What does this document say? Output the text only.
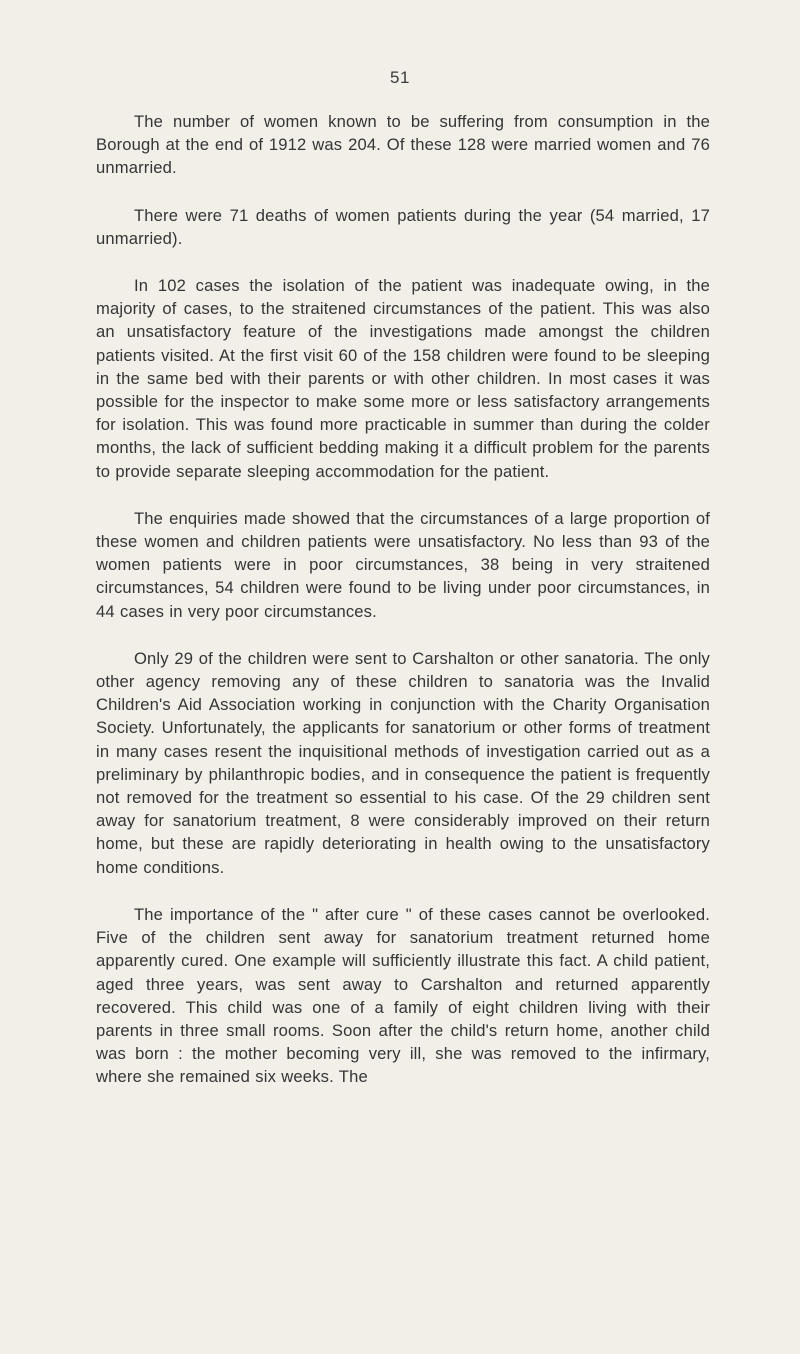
51

The number of women known to be suffering from consumption in the Borough at the end of 1912 was 204. Of these 128 were married women and 76 unmarried.

There were 71 deaths of women patients during the year (54 married, 17 unmarried).

In 102 cases the isolation of the patient was inadequate owing, in the majority of cases, to the straitened circumstances of the patient. This was also an unsatisfactory feature of the investigations made amongst the children patients visited. At the first visit 60 of the 158 children were found to be sleeping in the same bed with their parents or with other children. In most cases it was possible for the inspector to make some more or less satisfactory arrangements for isolation. This was found more practicable in summer than during the colder months, the lack of sufficient bedding making it a difficult problem for the parents to provide separate sleeping accommodation for the patient.

The enquiries made showed that the circumstances of a large proportion of these women and children patients were unsatisfactory. No less than 93 of the women patients were in poor circumstances, 38 being in very straitened circumstances, 54 children were found to be living under poor circumstances, in 44 cases in very poor circumstances.

Only 29 of the children were sent to Carshalton or other sanatoria. The only other agency removing any of these children to sanatoria was the Invalid Children's Aid Association working in conjunction with the Charity Organisation Society. Unfortunately, the applicants for sanatorium or other forms of treatment in many cases resent the inquisitional methods of investigation carried out as a preliminary by philanthropic bodies, and in consequence the patient is frequently not removed for the treatment so essential to his case. Of the 29 children sent away for sanatorium treatment, 8 were considerably improved on their return home, but these are rapidly deteriorating in health owing to the unsatisfactory home conditions.

The importance of the " after cure " of these cases cannot be overlooked. Five of the children sent away for sanatorium treatment returned home apparently cured. One example will sufficiently illustrate this fact. A child patient, aged three years, was sent away to Carshalton and returned apparently recovered. This child was one of a family of eight children living with their parents in three small rooms. Soon after the child's return home, another child was born : the mother becoming very ill, she was removed to the infirmary, where she remained six weeks. The
